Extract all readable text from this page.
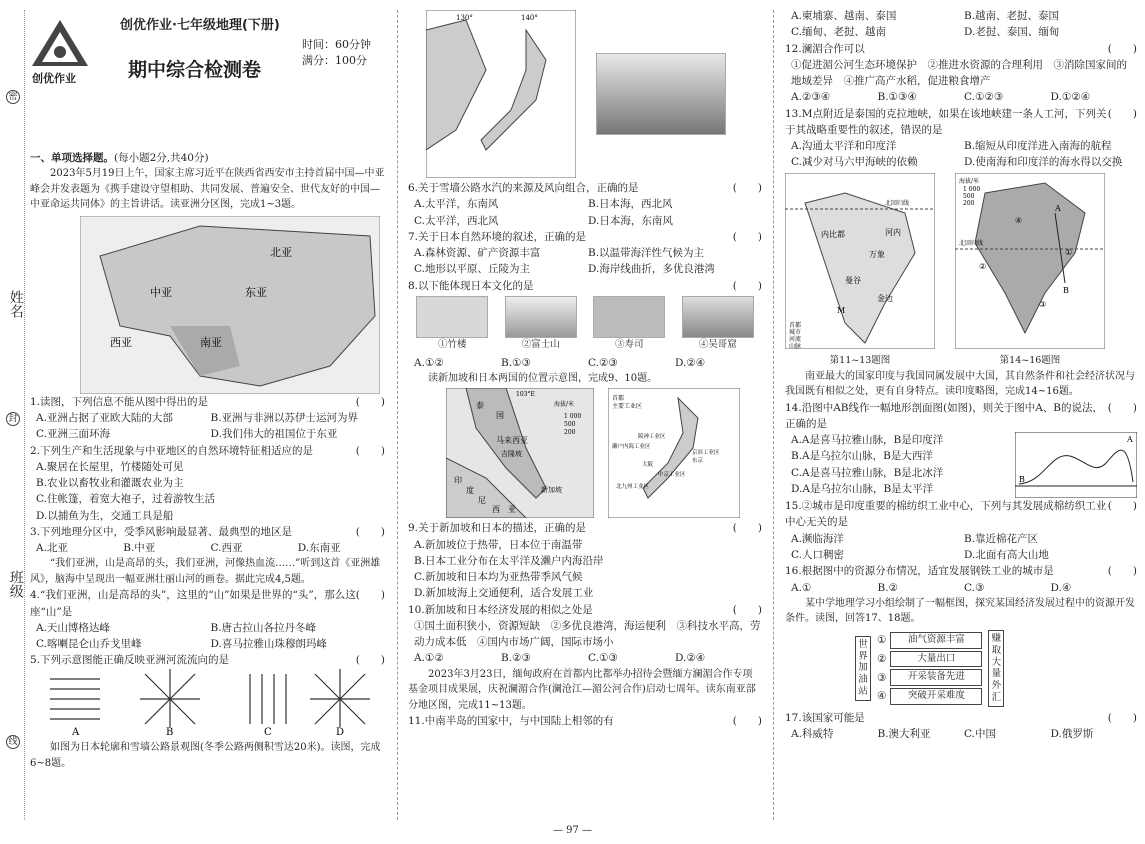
密
姓名
封
班级
线
创优作业
创优作业·七年级地理(下册)
期中综合检测卷
时间：60分钟
满分：100分
一、单项选择题。(每小题2分,共40分)
2023年5月19日上午，国家主席习近平在陕西省西安市主持首届中国—中亚峰会并发表题为《携手建设守望相助、共同发展、普遍安全、世代友好的中国—中亚命运共同体》的主旨讲话。读亚洲分区图，完成1~3题。
北亚
中亚	东亚
西亚	南亚
1.读图，下列信息不能从图中得出的是	(　　)
A.亚洲占据了亚欧大陆的大部	B.亚洲与非洲以苏伊士运河为界
C.亚洲三面环海	D.我们伟大的祖国位于东亚
2.下列生产和生活现象与中亚地区的自然环境特征相适应的是	(　　)
A.聚居在长屋里，竹楼随处可见
B.农业以畜牧业和灌溉农业为主
C.住帐篷，着宽大袍子，过着游牧生活
D.以捕鱼为生，交通工具是船
3.下列地理分区中，受季风影响最显著、最典型的地区是	(　　)
A.北亚	B.中亚	C.西亚	D.东南亚
“我们亚洲，山是高昂的头，我们亚洲，河像热血流……”听到这首《亚洲雄风》，脑海中呈现出一幅亚洲壮丽山河的画卷。据此完成4,5题。
4.“我们亚洲，山是高昂的头”，这里的“山”如果是世界的“头”，那么这座“山”是
(　　)
A.天山博格达峰	B.唐古拉山各拉丹冬峰
C.喀喇昆仑山乔戈里峰	D.喜马拉雅山珠穆朗玛峰
5.下列示意图能正确反映亚洲河流流向的是	(　　)
A	B	C	D
如图为日本轮廓和雪墙公路景观图(冬季公路两侧积雪达20米)。读图，完成6~8题。
130°	140°
6.关于雪墙公路水汽的来源及风向组合，正确的是	(　　)
A.太平洋，东南风	B.日本海，西北风
C.太平洋，西北风	D.日本海，东南风
7.关于日本自然环境的叙述，正确的是	(　　)
A.森林资源、矿产资源丰富	B.以温带海洋性气候为主
C.地形以平原、丘陵为主	D.海岸线曲折，多优良港湾
8.以下能体现日本文化的是	(　　)
①竹楼	②富士山	③寿司	④吴哥窟
A.①②	B.①③	C.②③	D.②④
读新加坡和日本两国的位置示意图，完成9、10题。
泰
国
马来西亚
吉隆坡
印
度
尼
西 亚
新加坡
103°E
海拔/米
1 000
500
200
首都
主要工业区
濑户内海工业区
阪神工业区
京滨工业区
东京
中京工业区
大阪
北九州工业区
9.关于新加坡和日本的描述，正确的是	(　　)
A.新加坡位于热带，日本位于南温带
B.日本工业分布在太平洋及濑户内海沿岸
C.新加坡和日本均为亚热带季风气候
D.新加坡海上交通便利，适合发展工业
10.新加坡和日本经济发展的相似之处是	(　　)
①国土面积狭小，资源短缺　②多优良港湾，海运便利　③科技水平高，劳动力成本低　④国内市场广阔，国际市场小
A.①②	B.②③	C.①③	D.②④
2023年3月23日，缅甸政府在首都内比都举办招待会暨缅方澜湄合作专项基金项目成果展，庆祝澜湄合作(澜沧江—湄公河合作)启动七周年。读东南亚部分地区图，完成11~13题。
11.中南半岛的国家中，与中国陆上相邻的有	(　　)
A.柬埔寨、越南、泰国	B.越南、老挝、泰国
C.缅甸、老挝、越南	D.老挝、泰国、缅甸
12.澜湄合作可以	(　　)
①促进湄公河生态环境保护　②推进水资源的合理利用　③消除国家间的地域差异　④推广高产水稻，促进粮食增产
A.②③④	B.①③④	C.①②③	D.①②④
13.M点附近是泰国的克拉地峡，如果在该地峡建一条人工河，下列关于其战略重要性的叙述，错误的是
(　　)
A.沟通太平洋和印度洋	B.缩短从印度洋进入南海的航程
C.减少对马六甲海峡的依赖	D.使南海和印度洋的海水得以交换
北回归线
内比都	河内
万象
曼谷
金边
M
首都
城市
河流
山脉
第11~13题图
A
B
北回归线
①
②
③
④
海拔/米
1 000
500
200
第14~16题图
南亚最大的国家印度与我国同属发展中大国，其自然条件和社会经济状况与我国既有相似之处，更有自身特点。读印度略图，完成14~16题。
14.沿图中AB线作一幅地形剖面图(如图)，则关于图中A、B的说法，正确的是
(　　)
A.A是喜马拉雅山脉，B是印度洋
B.A是乌拉尔山脉，B是大西洋
C.A是喜马拉雅山脉，B是北冰洋
D.A是乌拉尔山脉，B是太平洋
B
A
15.②城市是印度重要的棉纺织工业中心，下列与其发展成棉纺织工业中心无关的是
(　　)
A.濒临海洋	B.靠近棉花产区
C.人口稠密	D.北面有高大山地
16.根据图中的资源分布情况，适宜发展钢铁工业的城市是	(　　)
A.①	B.②	C.③	D.④
某中学地理学习小组绘制了一幅框图，探究某国经济发展过程中的资源开发条件。读图，回答17、18题。
世界加油站
①	油气资源丰富
②	大量出口
③	开采装备先进
④	突破开采难度
赚取大量外汇
17.该国家可能是	(　　)
A.科威特	B.澳大利亚	C.中国	D.俄罗斯
— 97 —
